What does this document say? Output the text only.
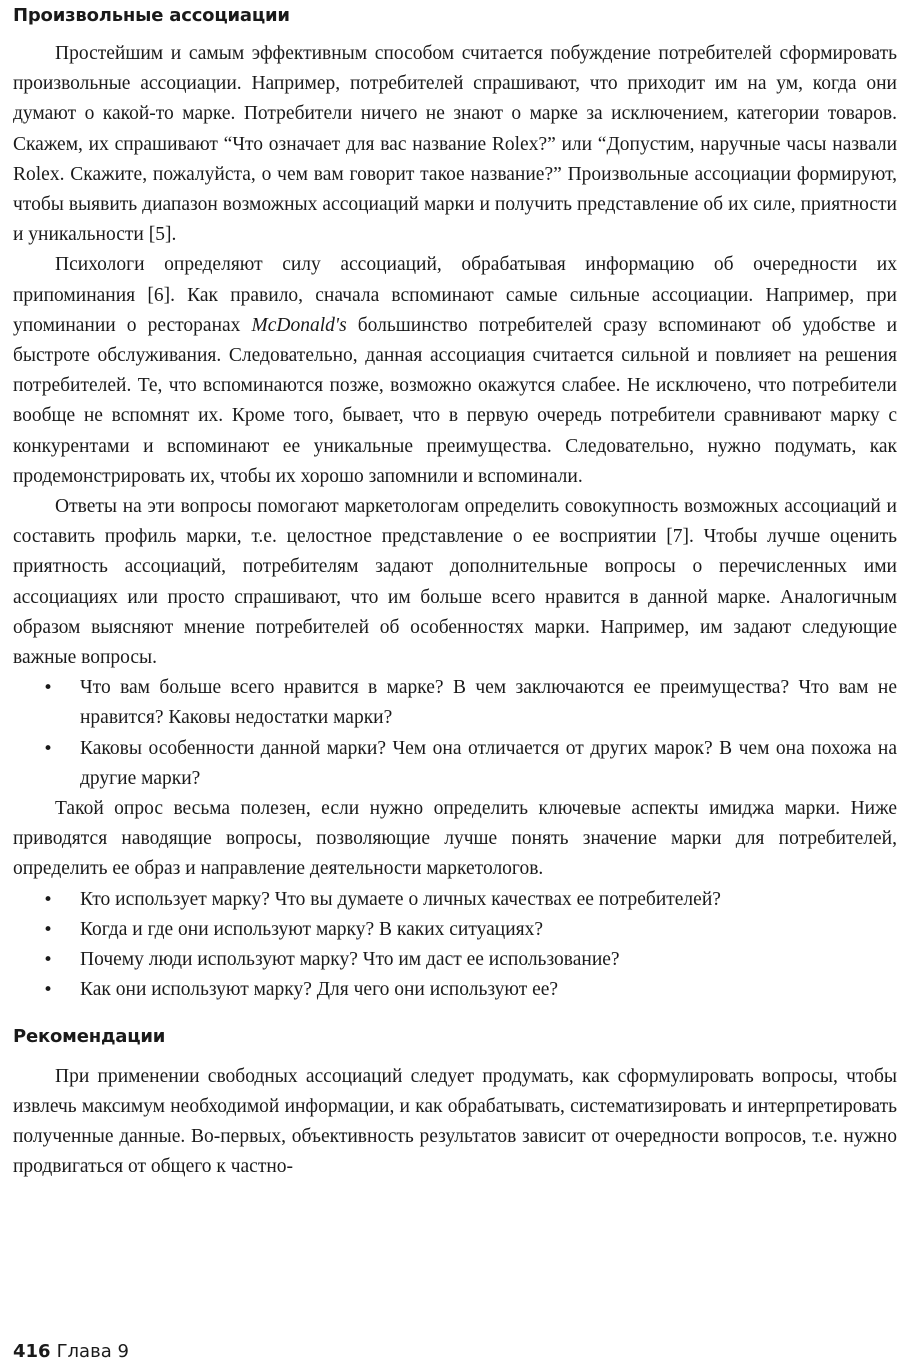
Произвольные ассоциации

Простейшим и самым эффективным способом считается побуждение потребителей сформировать произвольные ассоциации. Например, потребителей спрашивают, что приходит им на ум, когда они думают о какой-то марке. Потребители ничего не знают о марке за исключением, категории товаров. Скажем, их спрашивают “Что означает для вас название Rolex?” или “Допустим, наручные часы назвали Rolex. Скажите, пожалуйста, о чем вам говорит такое название?” Произвольные ассоциации формируют, чтобы выявить диапазон возможных ассоциаций марки и получить представление об их силе, приятности и уникальности [5].

Психологи определяют силу ассоциаций, обрабатывая информацию об очередности их припоминания [6]. Как правило, сначала вспоминают самые сильные ассоциации. Например, при упоминании о ресторанах McDonald's большинство потребителей сразу вспоминают об удобстве и быстроте обслуживания. Следовательно, данная ассоциация считается сильной и повлияет на решения потребителей. Те, что вспоминаются позже, возможно окажутся слабее. Не исключено, что потребители вообще не вспомнят их. Кроме того, бывает, что в первую очередь потребители сравнивают марку с конкурентами и вспоминают ее уникальные преимущества. Следовательно, нужно подумать, как продемонстрировать их, чтобы их хорошо запомнили и вспоминали.

Ответы на эти вопросы помогают маркетологам определить совокупность возможных ассоциаций и составить профиль марки, т.е. целостное представление о ее восприятии [7]. Чтобы лучше оценить приятность ассоциаций, потребителям задают дополнительные вопросы о перечисленных ими ассоциациях или просто спрашивают, что им больше всего нравится в данной марке. Аналогичным образом выясняют мнение потребителей об особенностях марки. Например, им задают следующие важные вопросы.

• Что вам больше всего нравится в марке? В чем заключаются ее преимущества? Что вам не нравится? Каковы недостатки марки?
• Каковы особенности данной марки? Чем она отличается от других марок? В чем она похожа на другие марки?

Такой опрос весьма полезен, если нужно определить ключевые аспекты имиджа марки. Ниже приводятся наводящие вопросы, позволяющие лучше понять значение марки для потребителей, определить ее образ и направление деятельности маркетологов.

• Кто использует марку? Что вы думаете о личных качествах ее потребителей?
• Когда и где они используют марку? В каких ситуациях?
• Почему люди используют марку? Что им даст ее использование?
• Как они используют марку? Для чего они используют ее?
Рекомендации

При применении свободных ассоциаций следует продумать, как сформулировать вопросы, чтобы извлечь максимум необходимой информации, и как обрабатывать, систематизировать и интерпретировать полученные данные. Во-первых, объективность результатов зависит от очередности вопросов, т.е. нужно продвигаться от общего к частно-

416 Глава 9
